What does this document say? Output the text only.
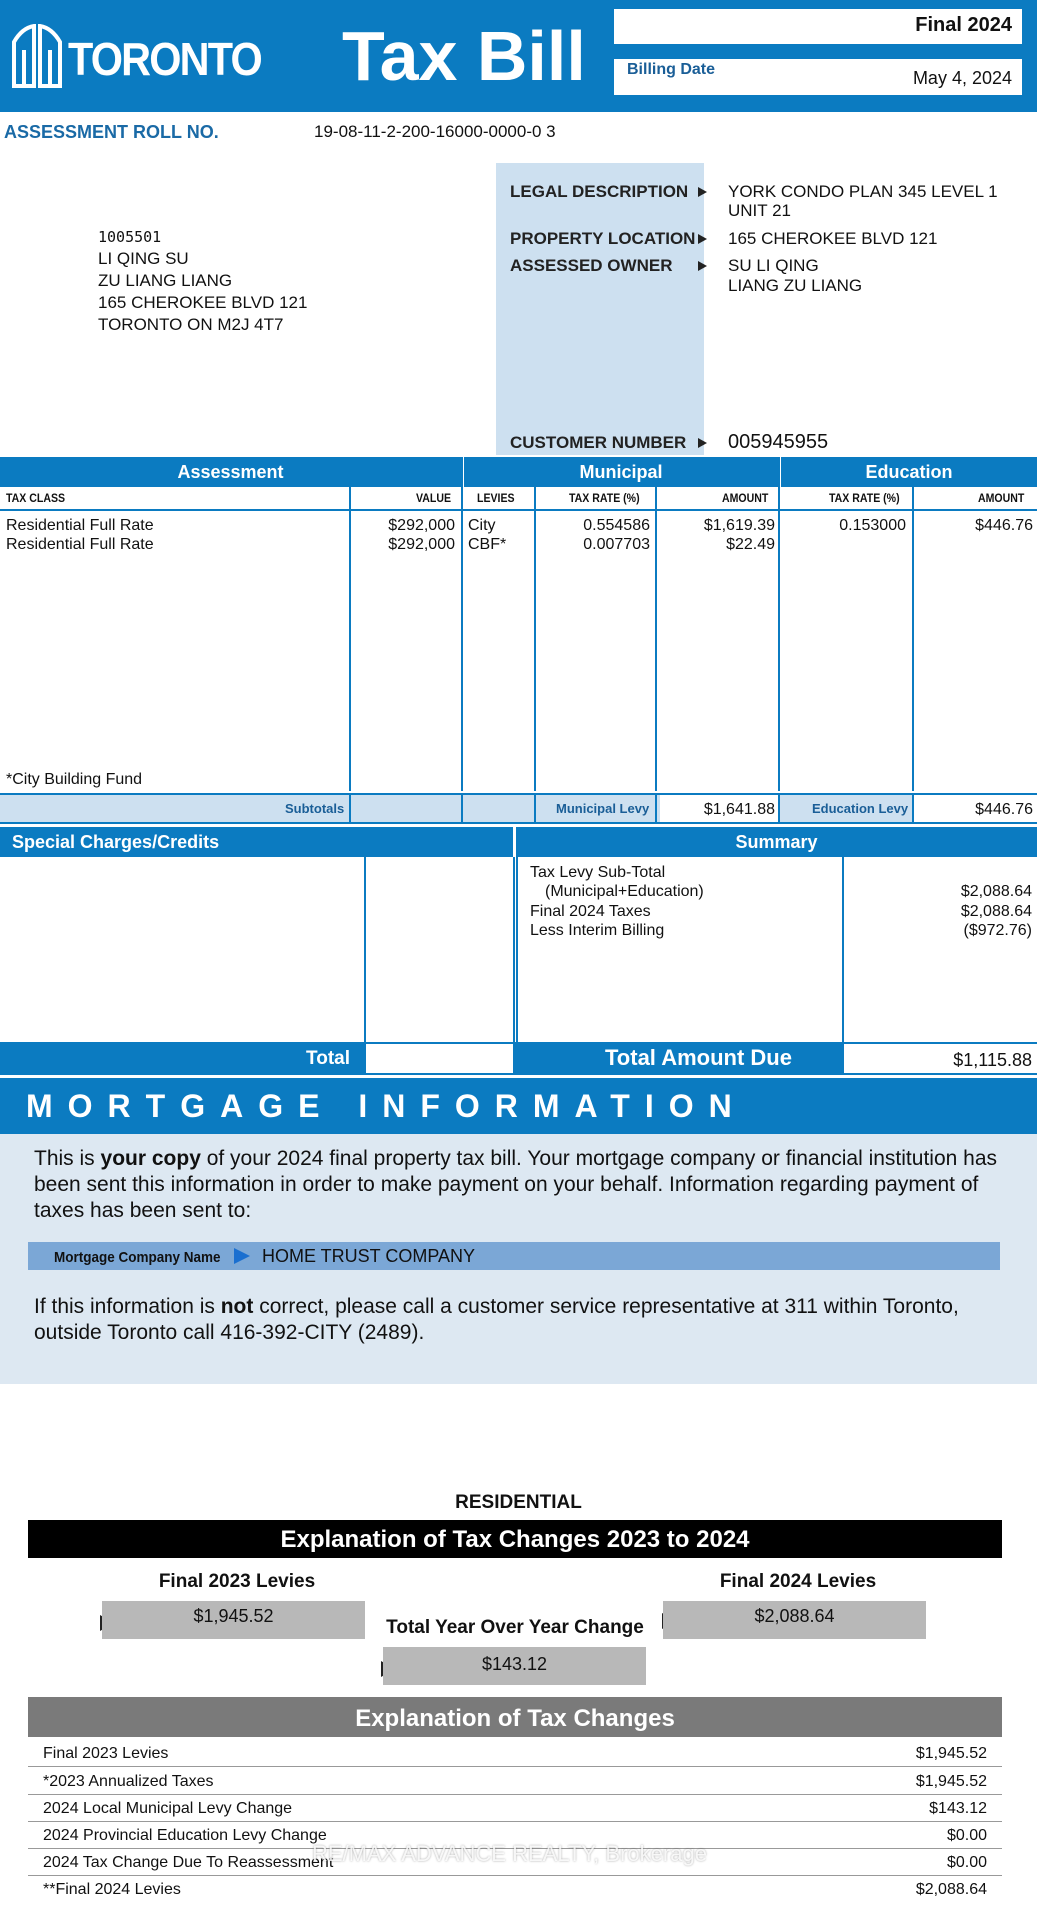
TORONTO Tax Bill	Final 2024
Billing Date	May 4, 2024
ASSESSMENT ROLL NO.	19-08-11-2-200-16000-0000-0 3
1005501
LI QING SU
ZU LIANG LIANG
165 CHEROKEE BLVD 121
TORONTO ON M2J 4T7
LEGAL DESCRIPTION YORK CONDO PLAN 345 LEVEL 1
UNIT 21
PROPERTY LOCATION 165 CHEROKEE BLVD 121
ASSESSED OWNER	SU LI QING
LIANG ZU LIANG
CUSTOMER NUMBER 005945955
Assessment	Municipal	Education
TAX CLASS	VALUE LEVIES	TAX RATE (%)	AMOUNT	TAX RATE (%)	AMOUNT
Residential Full Rate	$292,000 City	0.554586	$1,619.39	0.153000	$446.76
Residential Full Rate	$292,000 CBF*	0.007703	$22.49
*City Building Fund
Subtotals	Municipal Levy	$1,641.88	Education Levy	$446.76
Special Charges/Credits	Summary
Tax Levy Sub-Total
(Municipal+Education)	$2,088.64
Final 2024 Taxes	$2,088.64
Less Interim Billing	($972.76)
Total	Total Amount Due	$1,115.88
MORTGAGE INFORMATION
This is your copy of your 2024 final property tax bill. Your mortgage company or financial institution has been sent this information in order to make payment on your behalf. Information regarding payment of taxes has been sent to:
Mortgage Company Name HOME TRUST COMPANY
If this information is not correct, please call a customer service representative at 311 within Toronto, outside Toronto call 416-392-CITY (2489).
RESIDENTIAL
Explanation of Tax Changes 2023 to 2024
Final 2023 Levies
$1,945.52
Final 2024 Levies
$2,088.64
Total Year Over Year Change
$143.12
Explanation of Tax Changes
Final 2023 Levies	$1,945.52
*2023 Annualized Taxes	$1,945.52
2024 Local Municipal Levy Change	$143.12
2024 Provincial Education Levy Change	$0.00
2024 Tax Change Due To Reassessment	$0.00
**Final 2024 Levies	$2,088.64
RE/MAX ADVANCE REALTY, Brokerage
